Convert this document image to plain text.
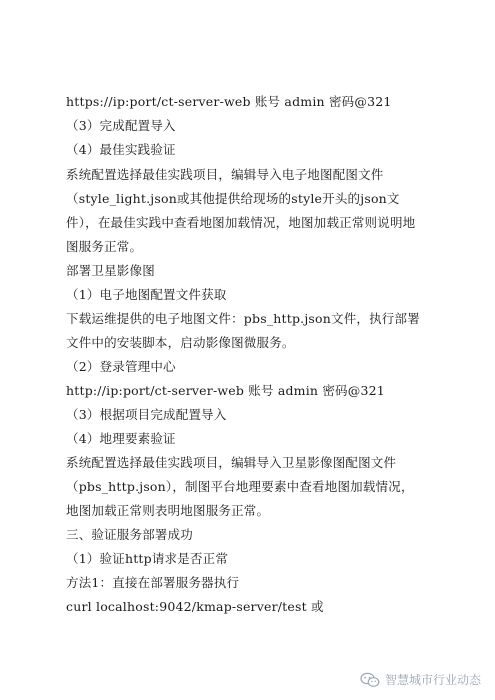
https://ip:port/ct-server-web 账号 admin 密码@321
（3）完成配置导入
（4）最佳实践验证
系统配置选择最佳实践项目，编辑导入电子地图配图文件
（style_light.json或其他提供给现场的style开头的json文
件），在最佳实践中查看地图加载情况，地图加载正常则说明地
图服务正常。
部署卫星影像图
（1）电子地图配置文件获取
下载运维提供的电子地图文件：pbs_http.json文件，执行部署
文件中的安装脚本，启动影像图微服务。
（2）登录管理中心
http://ip:port/ct-server-web 账号 admin 密码@321
（3）根据项目完成配置导入
（4）地理要素验证
系统配置选择最佳实践项目，编辑导入卫星影像图配图文件
（pbs_http.json），制图平台地理要素中查看地图加载情况，
地图加载正常则表明地图服务正常。
三、验证服务部署成功
（1）验证http请求是否正常
方法1：直接在部署服务器执行
curl localhost:9042/kmap-server/test 或
智慧城市行业动态
